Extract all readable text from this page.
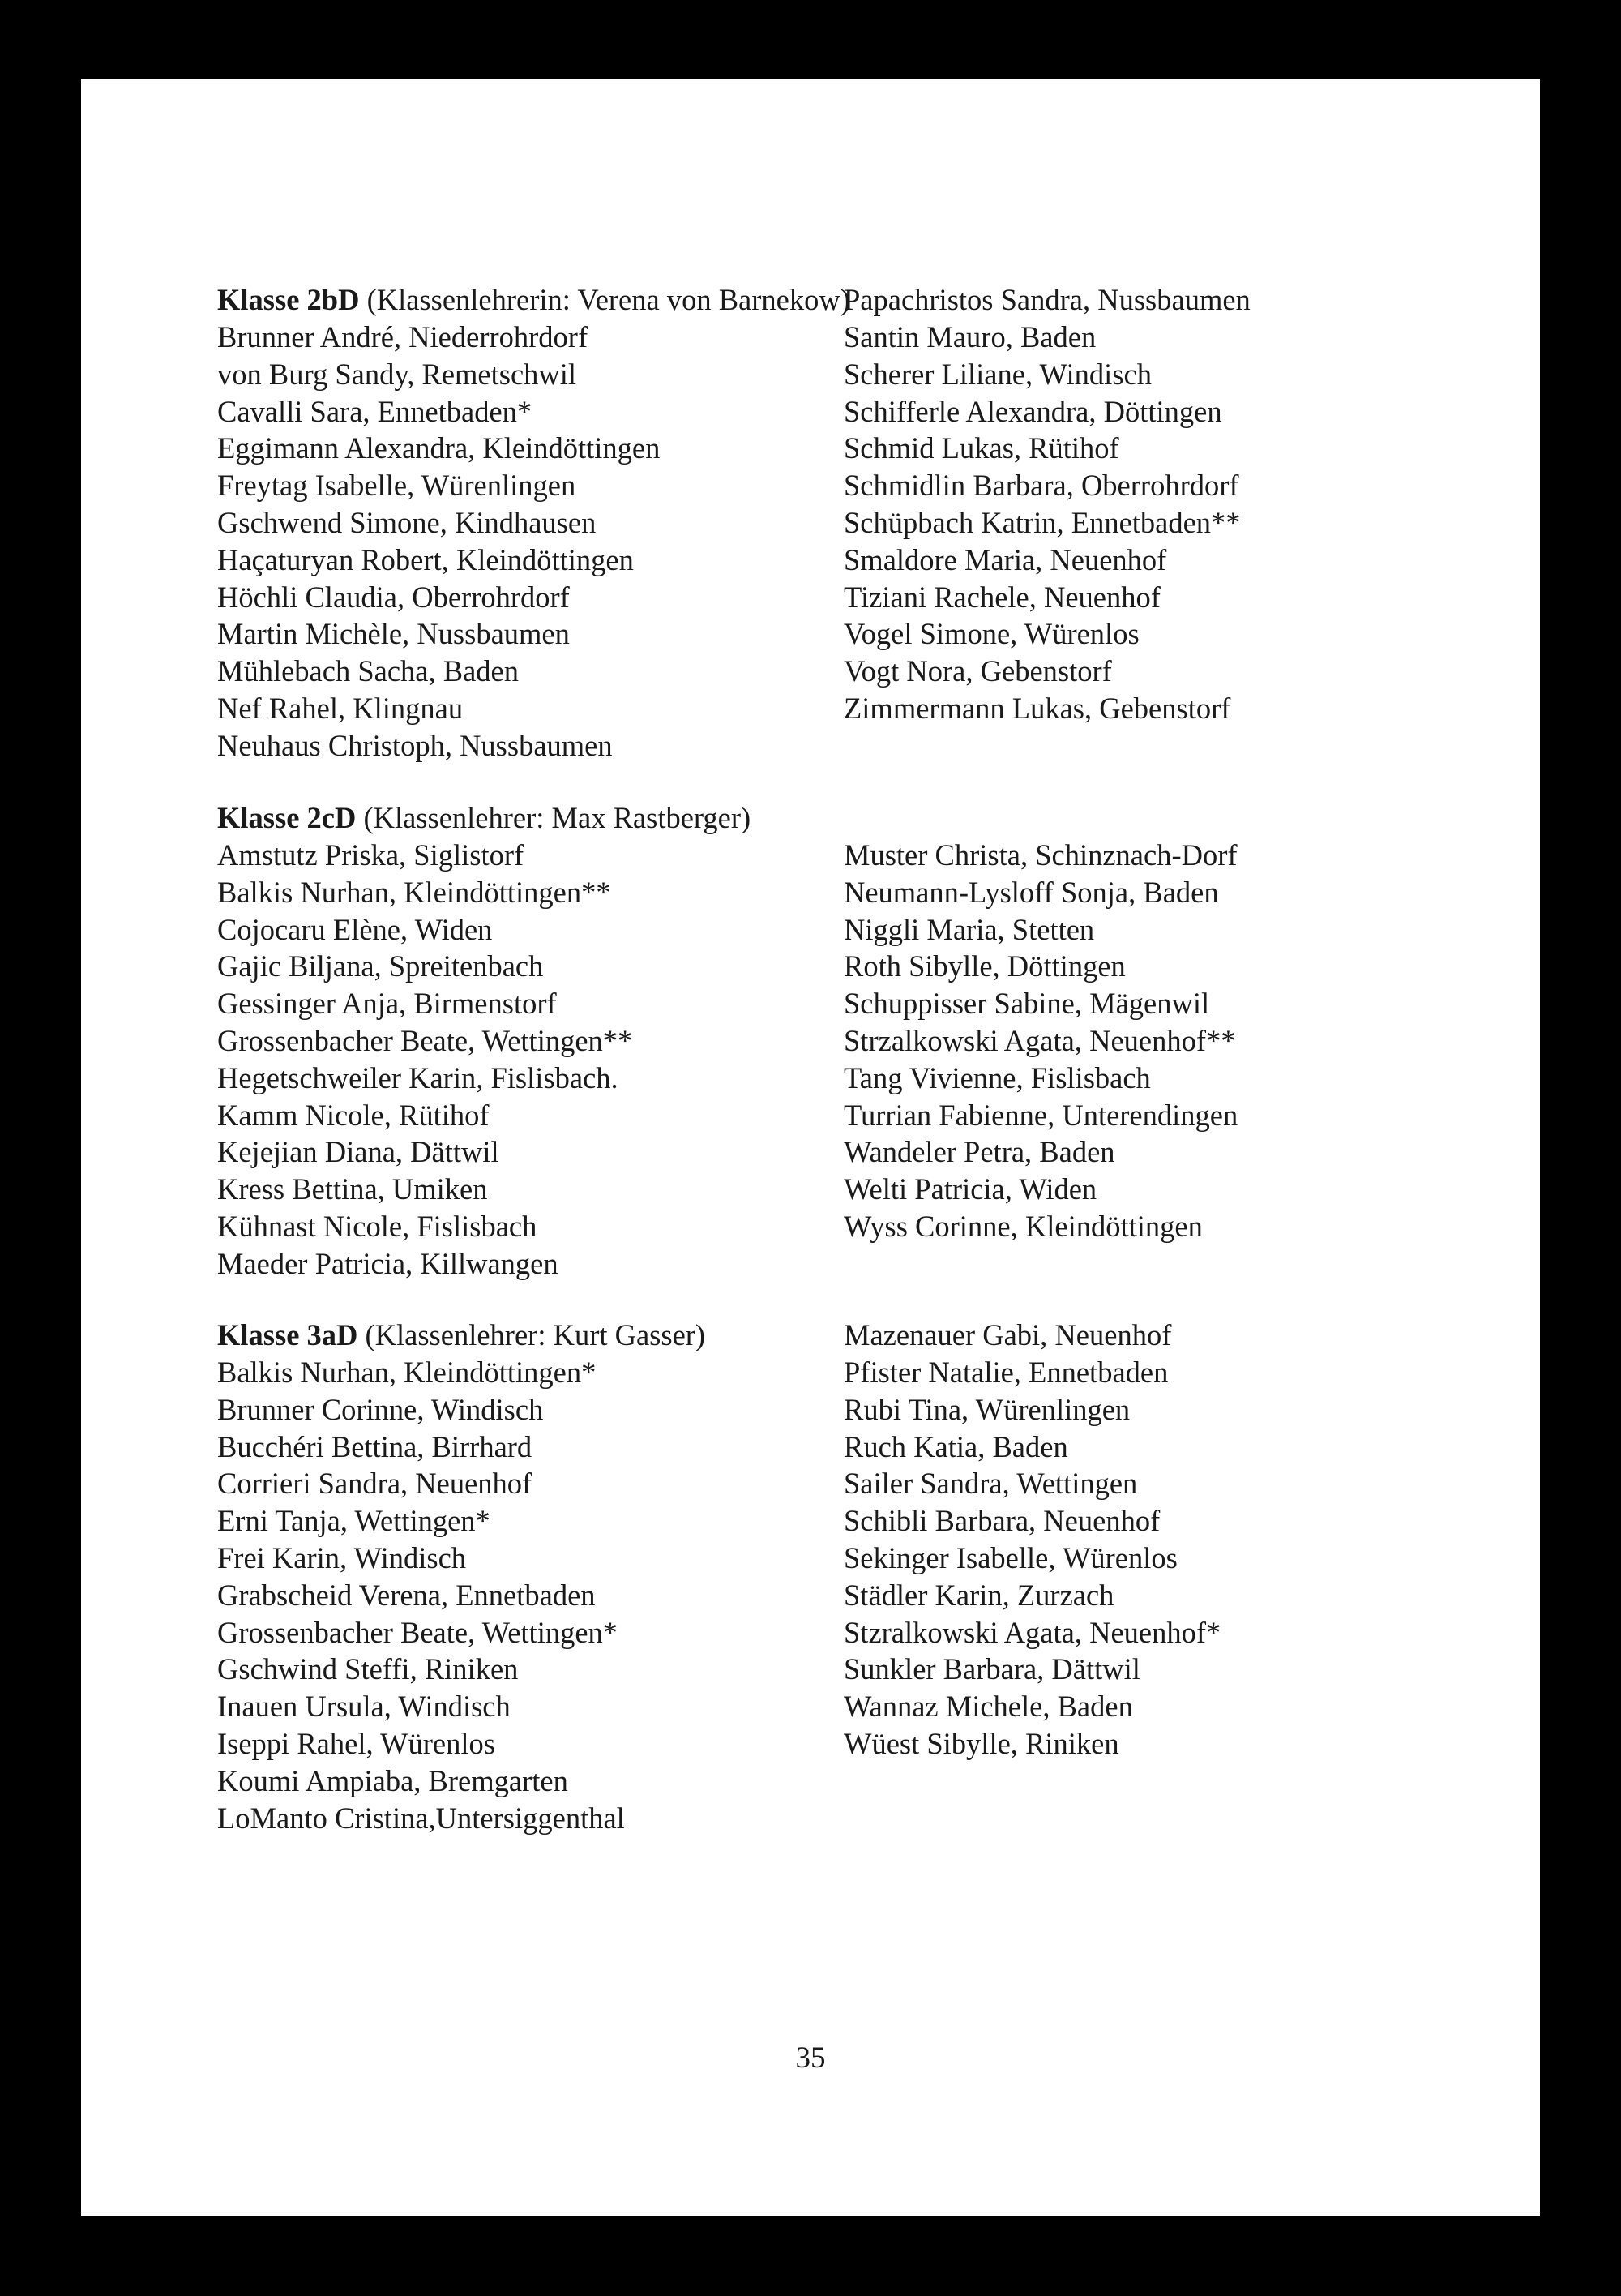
Klasse 2bD (Klassenlehrerin: Verena von Barnekow)
Brunner André, Niederrohrdorf
von Burg Sandy, Remetschwil
Cavalli Sara, Ennetbaden*
Eggimann Alexandra, Kleindöttingen
Freytag Isabelle, Würenlingen
Gschwend Simone, Kindhausen
Haçaturyan Robert, Kleindöttingen
Höchli Claudia, Oberrohrdorf
Martin Michèle, Nussbaumen
Mühlebach Sacha, Baden
Nef Rahel, Klingnau
Neuhaus Christoph, Nussbaumen
Papachristos Sandra, Nussbaumen
Santin Mauro, Baden
Scherer Liliane, Windisch
Schifferle Alexandra, Döttingen
Schmid Lukas, Rütihof
Schmidlin Barbara, Oberrohrdorf
Schüpbach Katrin, Ennetbaden**
Smaldore Maria, Neuenhof
Tiziani Rachele, Neuenhof
Vogel Simone, Würenlos
Vogt Nora, Gebenstorf
Zimmermann Lukas, Gebenstorf
Klasse 2cD (Klassenlehrer: Max Rastberger)
Amstutz Priska, Siglistorf
Balkis Nurhan, Kleindöttingen**
Cojocaru Elène, Widen
Gajic Biljana, Spreitenbach
Gessinger Anja, Birmenstorf
Grossenbacher Beate, Wettingen**
Hegetschweiler Karin, Fislisbach.
Kamm Nicole, Rütihof
Kejejian Diana, Dättwil
Kress Bettina, Umiken
Kühnast Nicole, Fislisbach
Maeder Patricia, Killwangen
Muster Christa, Schinznach-Dorf
Neumann-Lysloff Sonja, Baden
Niggli Maria, Stetten
Roth Sibylle, Döttingen
Schuppisser Sabine, Mägenwil
Strzalkowski Agata, Neuenhof**
Tang Vivienne, Fislisbach
Turrian Fabienne, Unterendingen
Wandeler Petra, Baden
Welti Patricia, Widen
Wyss Corinne, Kleindöttingen
Klasse 3aD (Klassenlehrer: Kurt Gasser)
Balkis Nurhan, Kleindöttingen*
Brunner Corinne, Windisch
Bucchéri Bettina, Birrhard
Corrieri Sandra, Neuenhof
Erni Tanja, Wettingen*
Frei Karin, Windisch
Grabscheid Verena, Ennetbaden
Grossenbacher Beate, Wettingen*
Gschwind Steffi, Riniken
Inauen Ursula, Windisch
Iseppi Rahel, Würenlos
Koumi Ampiaba, Bremgarten
LoManto Cristina,Untersiggenthal
Mazenauer Gabi, Neuenhof
Pfister Natalie, Ennetbaden
Rubi Tina, Würenlingen
Ruch Katia, Baden
Sailer Sandra, Wettingen
Schibli Barbara, Neuenhof
Sekinger Isabelle, Würenlos
Städler Karin, Zurzach
Stzralkowski Agata, Neuenhof*
Sunkler Barbara, Dättwil
Wannaz Michele, Baden
Wüest Sibylle, Riniken
35
